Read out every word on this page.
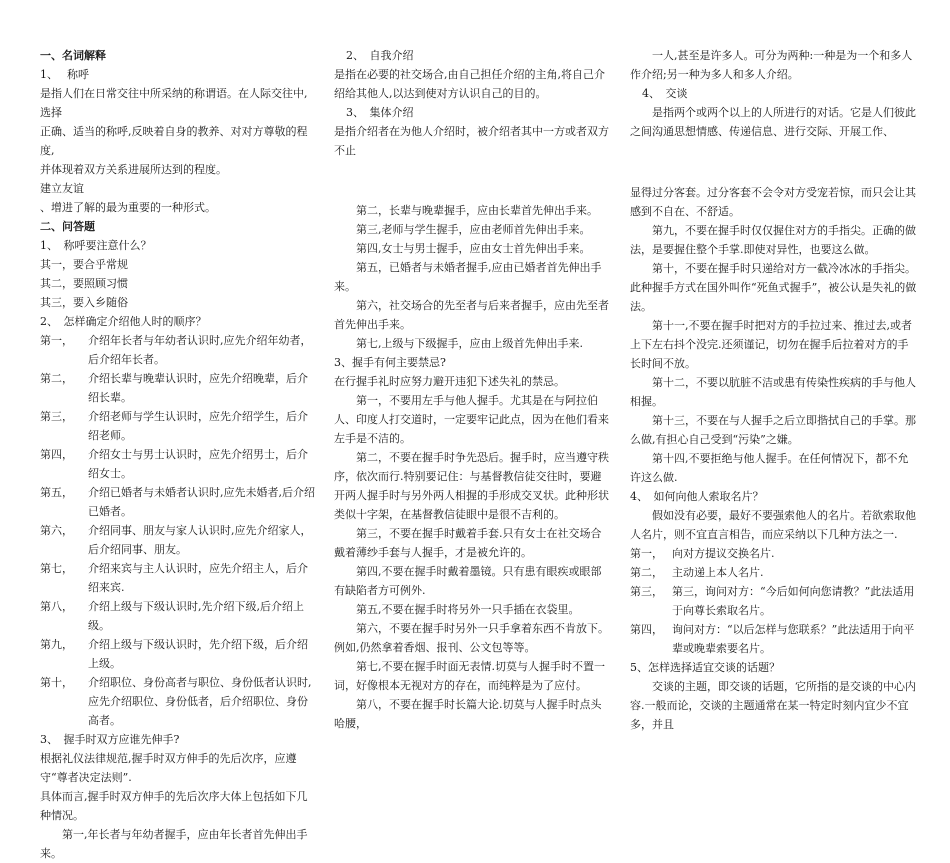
一、名词解释

1、　 称呼

是指人们在日常交往中所采纳的称谓语。在人际交往中,选择

正确、适当的称呼,反映着自身的教养、对对方尊敬的程度,

并体现着双方关系进展所达到的程度。

建立友谊

、增进了解的最为重要的一种形式。

二、问答题

1、　称呼要注意什么？

其一，要合乎常规

其二，要照顾习惯

其三，要入乡随俗

2、　怎样确定介绍他人时的顺序？

第一， 介绍年长者与年幼者认识时,应先介绍年幼者，后介绍年长者。

第二， 介绍长辈与晚辈认识时，应先介绍晚辈，后介绍长辈。

第三， 介绍老师与学生认识时，应先介绍学生，后介绍老师。

第四， 介绍女士与男士认识时，应先介绍男士，后介绍女士。

第五， 介绍已婚者与未婚者认识时,应先未婚者,后介绍已婚者。

第六， 介绍同事、朋友与家人认识时,应先介绍家人，后介绍同事、朋友。

第七， 介绍来宾与主人认识时，应先介绍主人，后介绍来宾.

第八， 介绍上级与下级认识时,先介绍下级,后介绍上级。

第九， 介绍上级与下级认识时，先介绍下级，后介绍上级。

第十， 介绍职位、身份高者与职位、身份低者认识时,应先介绍职位、身份低者，后介绍职位、身份高者。

3、　握手时双方应谁先伸手?

根据礼仪法律规范,握手时双方伸手的先后次序，应遵守“尊者决定法则”.

具体而言,握手时双方伸手的先后次序大体上包括如下几种情况。

第一,年长者与年幼者握手，应由年长者首先伸出手来。

2、　自我介绍

是指在必要的社交场合,由自己担任介绍的主角,将自己介绍给其他人,以达到使对方认识自己的目的。

3、　集体介绍

是指介绍者在为他人介绍时，被介绍者其中一方或者双方不止

第二，长辈与晚辈握手，应由长辈首先伸出手来。

第三,老师与学生握手，应由老师首先伸出手来。

第四,女士与男士握手，应由女士首先伸出手来。

第五，已婚者与未婚者握手,应由已婚者首先伸出手来。

第六，社交场合的先至者与后来者握手，应由先至者首先伸出手来。

第七,上级与下级握手，应由上级首先伸出手来.

3、握手有何主要禁忌?

在行握手礼时应努力避开违犯下述失礼的禁忌。

第一，不要用左手与他人握手。尤其是在与阿拉伯人、印度人打交道时，一定要牢记此点，因为在他们看来左手是不洁的。

第二，不要在握手时争先恐后。握手时，应当遵守秩序，依次而行.特别要记住：与基督教信徒交往时，要避开两人握手时与另外两人相握的手形成交叉状。此种形状类似十字架，在基督教信徒眼中是很不吉利的。

第三，不要在握手时戴着手套.只有女士在社交场合戴着薄纱手套与人握手，才是被允许的。

第四,不要在握手时戴着墨镜。只有患有眼疾或眼部有缺陷者方可例外.

第五,不要在握手时将另外一只手插在衣袋里。

第六，不要在握手时另外一只手拿着东西不肯放下。例如,仍然拿着香烟、报刊、公文包等等。

第七,不要在握手时面无表情.切莫与人握手时不置一词，好像根本无视对方的存在，而纯粹是为了应付。

第八，不要在握手时长篇大论.切莫与人握手时点头哈腰，

一人,甚至是许多人。可分为两种:一种是为一个和多人作介绍;另一种为多人和多人介绍。

4、　交谈

是指两个或两个以上的人所进行的对话。它是人们彼此之间沟通思想情感、传递信息、进行交际、开展工作、

显得过分客套。过分客套不会令对方受宠若惊，而只会让其感到不自在、不舒适。

第九，不要在握手时仅仅握住对方的手指尖。正确的做法，是要握住整个手掌.即使对异性，也要这么做。

第十，不要在握手时只递给对方一截冷冰冰的手指尖。此种握手方式在国外叫作“死鱼式握手”，被公认是失礼的做法。

第十一,不要在握手时把对方的手拉过来、推过去,或者上下左右抖个没完.还须谨记，切勿在握手后拉着对方的手长时间不放。

第十二，不要以肮脏不洁或患有传染性疾病的手与他人相握。

第十三，不要在与人握手之后立即揩拭自己的手掌。那么做,有担心自己受到“污染”之嫌。

第十四,不要拒绝与他人握手。在任何情况下，都不允许这么做.

4、　如何向他人索取名片？

假如没有必要，最好不要强索他人的名片。若欲索取他人名片，则不宜直言相告，而应采纳以下几种方法之一.

第一， 向对方提议交换名片.

第二， 主动递上本人名片.

第三， 第三，询问对方：“今后如何向您请教？”此法适用于向尊长索取名片。

第四， 询问对方：“以后怎样与您联系？”此法适用于向平辈或晚辈索要名片。

5、怎样选择适宜交谈的话题？

交谈的主题，即交谈的话题，它所指的是交谈的中心内容.一般而论，交谈的主题通常在某一特定时刻内宜少不宜多，并且
